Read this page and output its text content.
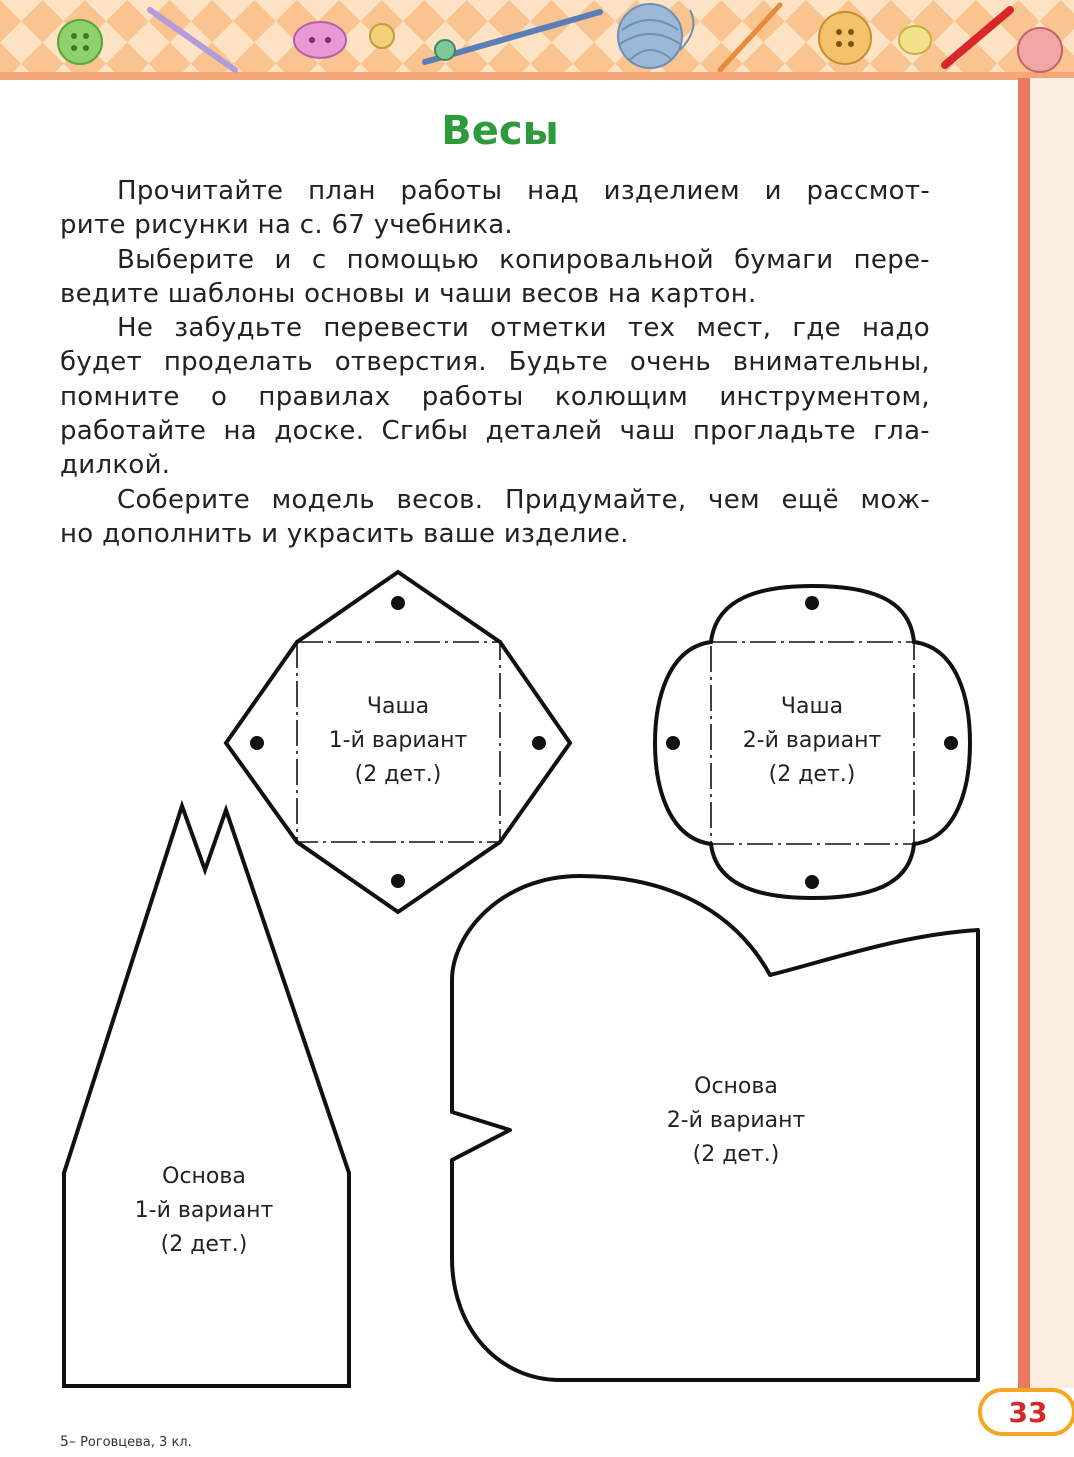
Весы

Прочитайте план работы над изделием и рассмот-

рите рисунки на с. 67 учебника.

Выберите и с помощью копировальной бумаги пере-

ведите шаблоны основы и чаши весов на картон.

Не забудьте перевести отметки тех мест, где надо

будет проделать отверстия. Будьте очень внимательны,

помните о правилах работы колющим инструментом,

работайте на доске. Сгибы деталей чаш прогладьте гла-

дилкой.

Соберите модель весов. Придумайте, чем ещё мож-

но дополнить и украсить ваше изделие.

Чаша
1-й вариант
(2 дет.)
Чаша
2-й вариант
(2 дет.)
Основа
1-й вариант
(2 дет.)
Основа
2-й вариант
(2 дет.)
33
5– Роговцева, 3 кл.
